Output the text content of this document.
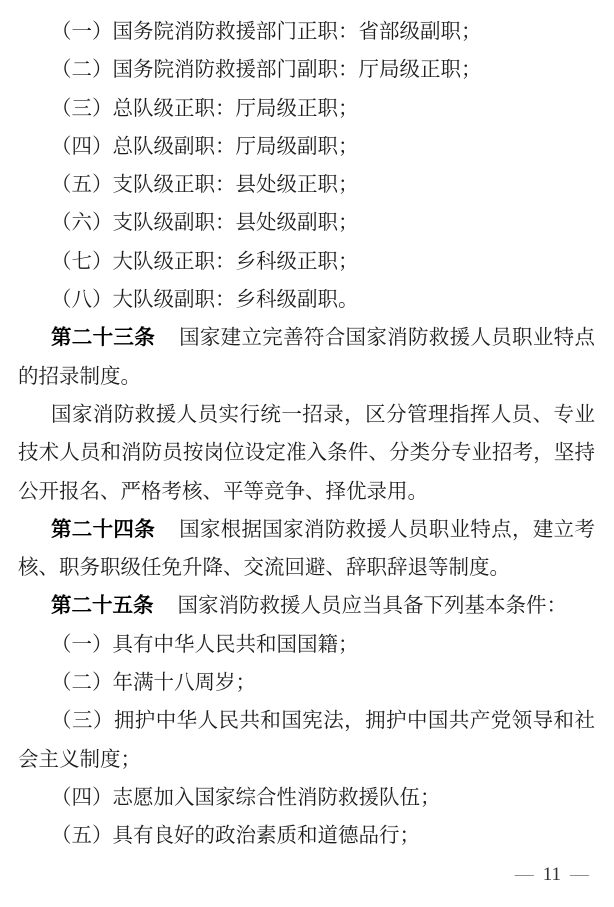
（一）国务院消防救援部门正职：省部级副职；
（二）国务院消防救援部门副职：厅局级正职；
（三）总队级正职：厅局级正职；
（四）总队级副职：厅局级副职；
（五）支队级正职：县处级正职；
（六）支队级副职：县处级副职；
（七）大队级正职：乡科级正职；
（八）大队级副职：乡科级副职。
第二十三条 国家建立完善符合国家消防救援人员职业特点
的招录制度。
国家消防救援人员实行统一招录，区分管理指挥人员、专业
技术人员和消防员按岗位设定准入条件、分类分专业招考，坚持
公开报名、严格考核、平等竞争、择优录用。
第二十四条 国家根据国家消防救援人员职业特点，建立考
核、职务职级任免升降、交流回避、辞职辞退等制度。
第二十五条 国家消防救援人员应当具备下列基本条件：
（一）具有中华人民共和国国籍；
（二）年满十八周岁；
（三）拥护中华人民共和国宪法，拥护中国共产党领导和社
会主义制度；
（四）志愿加入国家综合性消防救援队伍；
（五）具有良好的政治素质和道德品行；
— 11 —
